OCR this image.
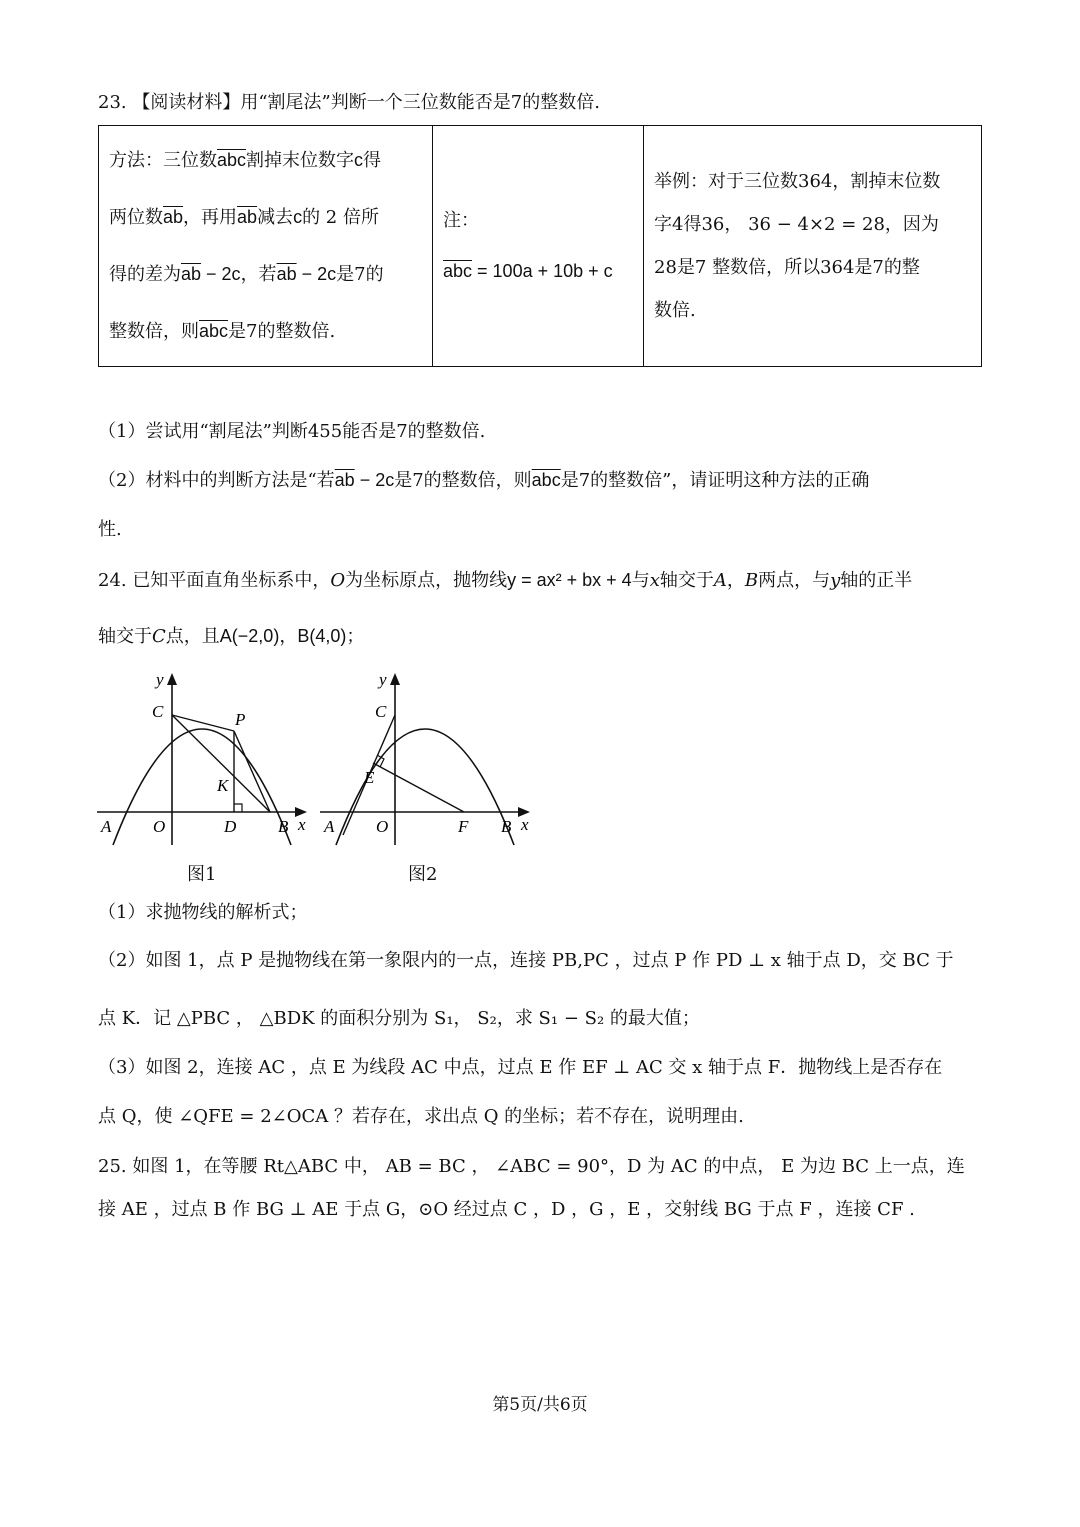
23. 【阅读材料】用“割尾法”判断一个三位数能否是7的整数倍.
方法：三位数$\overline{abc}$割掉末位数字c得
两位数$\overline{ab}$，再用$\overline{ab}$减去c的 2 倍所
得的差为$\overline{ab} - 2c$，若$\overline{ab} - 2c$是7的
整数倍，则$\overline{abc}$是7的整数倍.

注：
$\overline{abc} = 100a + 10b + c$

举例：对于三位数364，割掉末位数
字4得36， 36 − 4×2 = 28，因为
28是7 整数倍，所以364是7的整
数倍.
（1）尝试用“割尾法”判断455能否是7的整数倍.
（2）材料中的判断方法是“若$\overline{ab} - 2c$是7的整数倍，则$\overline{abc}$是7的整数倍”，请证明这种方法的正确
性.
24. 已知平面直角坐标系中，O为坐标原点，抛物线y = ax² + bx + 4与x轴交于A，B两点，与y轴的正半
轴交于C点，且A(−2,0)，B(4,0)；
y
C	P
K
A O	D B x
图1
y
C
E
A O	F B x
图2
（1）求抛物线的解析式；
（2）如图 1，点 P 是抛物线在第一象限内的一点，连接 PB,PC ，过点 P 作 PD ⊥ x 轴于点 D，交 BC 于
点 K．记 △PBC ， △BDK 的面积分别为 S₁， S₂，求 S₁ − S₂ 的最大值；
（3）如图 2，连接 AC ，点 E 为线段 AC 中点，过点 E 作 EF ⊥ AC 交 x 轴于点 F．抛物线上是否存在
点 Q，使 ∠QFE = 2∠OCA ？若存在，求出点 Q 的坐标；若不存在，说明理由.
25. 如图 1，在等腰 Rt△ABC 中， AB = BC ， ∠ABC = 90°，D 为 AC 的中点， E 为边 BC 上一点，连
接 AE ，过点 B 作 BG ⊥ AE 于点 G，⊙O 经过点 C ，D ，G ，E ，交射线 BG 于点 F ，连接 CF .
第5页/共6页
